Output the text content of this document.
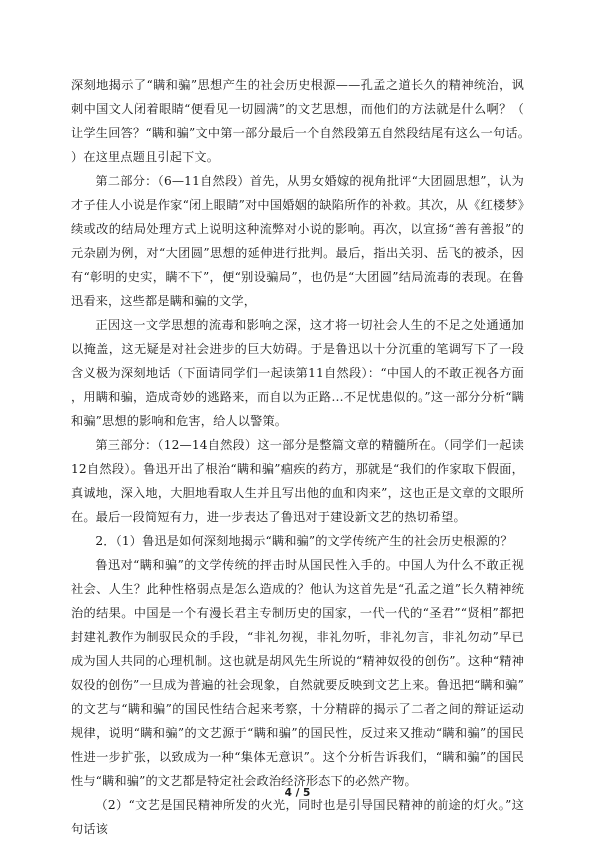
深刻地揭示了“瞒和骗”思想产生的社会历史根源——孔孟之道长久的精神统治，讽刺中国文人闭着眼睛“便看见一切圆满”的文艺思想，而他们的方法就是什么啊？（让学生回答？“瞒和骗”文中第一部分最后一个自然段第五自然段结尾有这么一句话。）在这里点题且引起下文。

第二部分：（6—11自然段）首先，从男女婚嫁的视角批评“大团圆思想”，认为才子佳人小说是作家“闭上眼睛”对中国婚姻的缺陷所作的补救。其次，从《红楼梦》续或改的结局处理方式上说明这种流弊对小说的影响。再次，以宣扬“善有善报”的元杂剧为例，对“大团圆”思想的延伸进行批判。最后，指出关羽、岳飞的被杀，因有“彰明的史实，瞒不下”，便“别设骗局”，也仍是“大团圆”结局流毒的表现。在鲁迅看来，这些都是瞒和骗的文学，

正因这一文学思想的流毒和影响之深，这才将一切社会人生的不足之处通通加以掩盖，这无疑是对社会进步的巨大妨碍。于是鲁迅以十分沉重的笔调写下了一段含义极为深刻地话（下面请同学们一起读第11自然段）：“中国人的不敢正视各方面，用瞒和骗，造成奇妙的逃路来，而自以为正路…不足忧患似的。”这一部分分析“瞒和骗”思想的影响和危害，给人以警策。

第三部分：（12—14自然段）这一部分是整篇文章的精髓所在。（同学们一起读12自然段）。鲁迅开出了根治“瞒和骗”痼疾的药方，那就是“我们的作家取下假面，真诚地，深入地，大胆地看取人生并且写出他的血和肉来”，这也正是文章的文眼所在。最后一段简短有力，进一步表达了鲁迅对于建设新文艺的热切希望。

2．（1）鲁迅是如何深刻地揭示“瞒和骗”的文学传统产生的社会历史根源的？

鲁迅对“瞒和骗”的文学传统的抨击时从国民性入手的。中国人为什么不敢正视社会、人生？此种性格弱点是怎么造成的？他认为这首先是“孔孟之道”长久精神统治的结果。中国是一个有漫长君主专制历史的国家，一代一代的“圣君”“贤相”都把封建礼教作为制驭民众的手段，“非礼勿视，非礼勿听，非礼勿言，非礼勿动”早已成为国人共同的心理机制。这也就是胡风先生所说的“精神奴役的创伤”。这种“精神奴役的创伤”一旦成为普遍的社会现象，自然就要反映到文艺上来。鲁迅把“瞒和骗”的文艺与“瞒和骗”的国民性结合起来考察，十分精辟的揭示了二者之间的辩证运动规律，说明“瞒和骗”的文艺源于“瞒和骗”的国民性，反过来又推动“瞒和骗”的国民性进一步扩张，以致成为一种“集体无意识”。这个分析告诉我们，“瞒和骗”的国民性与“瞒和骗”的文艺都是特定社会政治经济形态下的必然产物。

（2）“文艺是国民精神所发的火光，同时也是引导国民精神的前途的灯火。”这句话该

4 / 5
